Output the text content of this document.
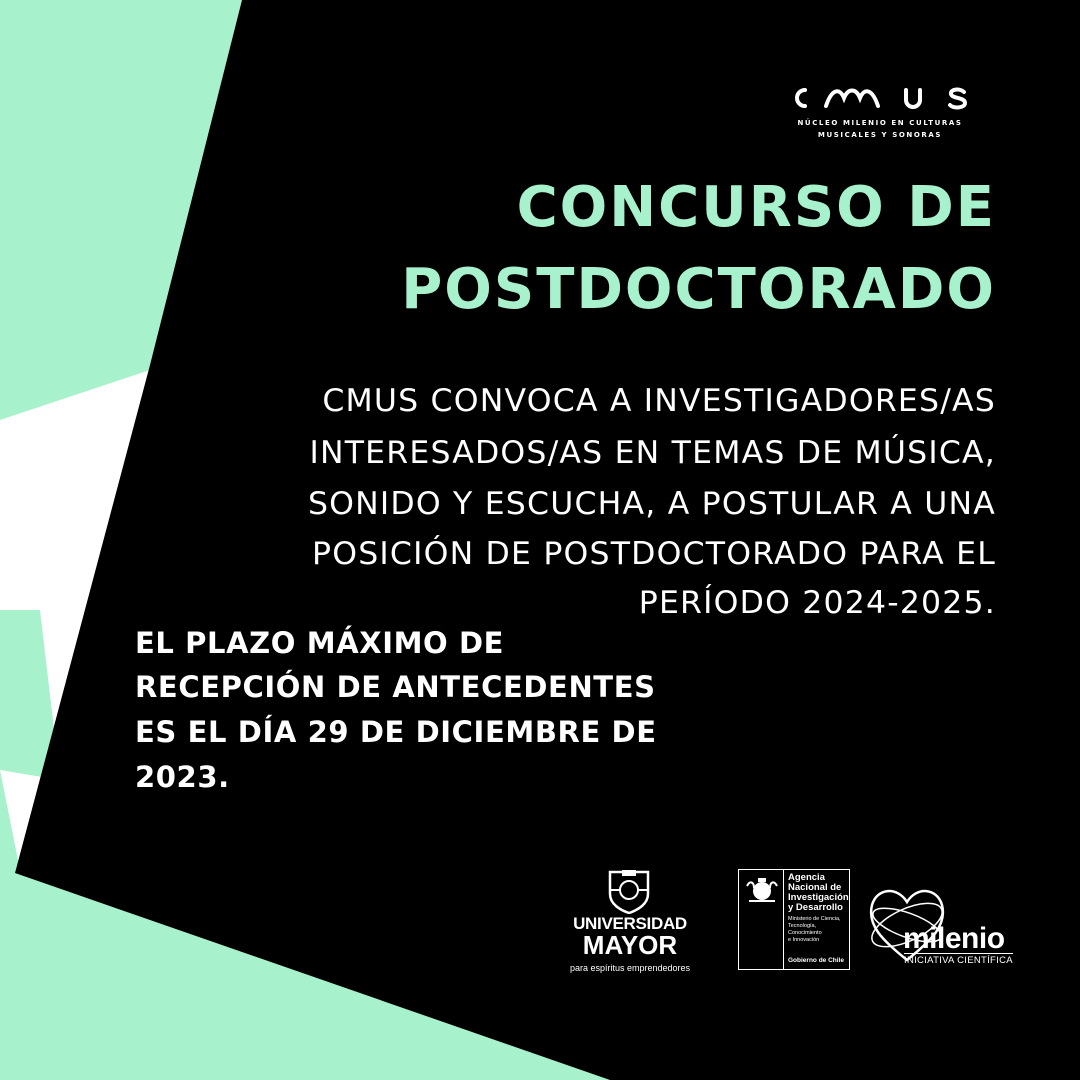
NÚCLEO MILENIO EN CULTURAS
MUSICALES Y SONORAS
CONCURSO DE
POSTDOCTORADO
CMUS CONVOCA A INVESTIGADORES/AS
INTERESADOS/AS EN TEMAS DE MÚSICA,
SONIDO Y ESCUCHA, A POSTULAR A UNA
POSICIÓN DE POSTDOCTORADO PARA EL
PERÍODO 2024-2025.
EL PLAZO MÁXIMO DE
RECEPCIÓN DE ANTECEDENTES
ES EL DÍA 29 DE DICIEMBRE DE
2023.
UNIVERSIDAD
MAYOR
para espíritus emprendedores
Agencia
Nacional de
Investigación
y Desarrollo
Ministerio de Ciencia,
Tecnología, Conocimiento
e Innovación
Gobierno de Chile
milenio
INICIATIVA CIENTÍFICA
